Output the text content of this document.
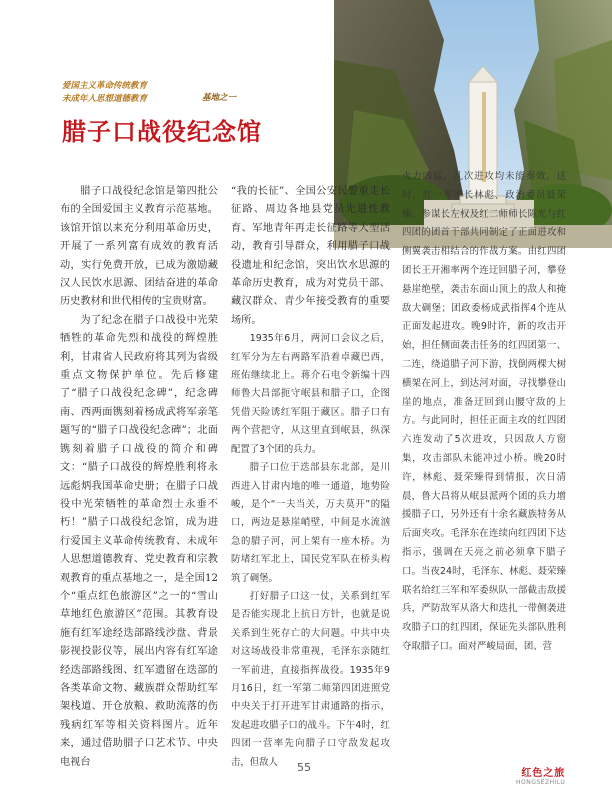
爱国主义革命传统教育
未成年人思想道德教育	基地之一
腊子口战役纪念馆

腊子口战役纪念馆是第四批公布的全国爱国主义教育示范基地。该馆开馆以来充分利用革命历史，开展了一系列富有成效的教育活动，实行免费开放，已成为激励藏汉人民饮水思源、团结奋进的革命历史教材和世代相传的宝贵财富。

为了纪念在腊子口战役中光荣牺牲的革命先烈和战役的辉煌胜利，甘肃省人民政府将其列为省级重点文物保护单位。先后修建了“腊子口战役纪念碑”，纪念碑南、西两面镌刻着杨成武将军亲笔题写的“腊子口战役纪念碑”；北面镌刻着腊子口战役的简介和碑文：“腊子口战役的辉煌胜利将永远彪炳我国革命史册；在腊子口战役中光荣牺牲的革命烈士永垂不朽！”腊子口战役纪念馆，成为进行爱国主义革命传统教育、未成年人思想道德教育、党史教育和宗教观教育的重点基地之一，是全国12个“重点红色旅游区”之一的“雪山草地红色旅游区”范围。其教育设施有红军途经迭部路线沙盘、背景影视投影仪等，展出内容有红军途经迭部路线图、红军遗留在迭部的各类革命文物、藏族群众帮助红军架栈道、开仓放粮、救助流落的伤残病红军等相关资料图片。近年来，通过借助腊子口艺术节、中央电视台

“我的长征”、全国公安民警重走长征路、周边各地县党员先进性教育、军地青年再走长征路等大型活动，教育引导群众，利用腊子口战役遗址和纪念馆，突出饮水思源的革命历史教育，成为对党员干部、藏汉群众、青少年接受教育的重要场所。

1935年6月，两河口会议之后，红军分为左右两路军沿着卓藏巴西，班佑继续北上。蒋介石电令新编十四师鲁大昌部扼守岷县和腊子口，企图凭借天险诱红军阻于藏区。腊子口有两个营把守，从这里直到岷县，纵深配置了3个团的兵力。

腊子口位于迭部县东北部，是川西进入甘肃内地的唯一通道，地势险峻，是个“一夫当关，万夫莫开”的隘口，两边是悬崖峭壁，中间是水流汹急的腊子河，河上架有一座木桥。为防堵红军北上，国民党军队在桥头构筑了碉堡。

打好腊子口这一仗，关系到红军是否能实现北上抗日方针，也就是说关系到生死存亡的大问题。中共中央对这场战役非常重视，毛泽东亲随红一军前进，直接指挥战役。1935年9月16日，红一军第二师第四团进照党中央关于打开进军甘肃通路的指示，发起进攻腊子口的战斗。下午4时，红四团一营率先向腊子口守敌发起攻击，但敌人

火力凶猛，几次进攻均未能奏效。这时，红一军军长林彪、政治委员聂荣臻、参谋长左权及红二师师长陈光与红四团的团首干部共同制定了正面进攻和侧翼袭击相结合的作战方案。由红四团团长王开湘率两个连迂回腊子河，攀登悬崖绝壁，袭击东面山顶上的敌人和掩敌大碉堡；团政委杨成武指挥4个连从正面发起进攻。晚9时许，新的攻击开始，担任侧面袭击任务的红四团第一、二连，绕道腊子河下游，找倒两棵大树横架在河上，到达河对面，寻找攀登山崖的地点，准备迂回到山腰守敌的上方。与此同时，担任正面主攻的红四团六连发动了5次进攻，只因敌人方窗集，攻击部队未能冲过小桥。晚20时许，林彪、聂荣臻得到情报，次日清晨，鲁大昌将从岷县派两个团的兵力增援腊子口，另外还有十余名藏族特务从后面夹攻。毛泽东在连续向红四团下达指示，强调在天亮之前必须拿下腊子口。当夜24时，毛泽东、林彪、聂荣臻联名给红三军和军委纵队一部截击敌援兵，严防敌军从洛大和迭扎一带侧袭进攻腊子口的红四团，保证先头部队胜利夺取腊子口。面对严峻局面，团、营

55	红色之旅
HONGSEZHILU
